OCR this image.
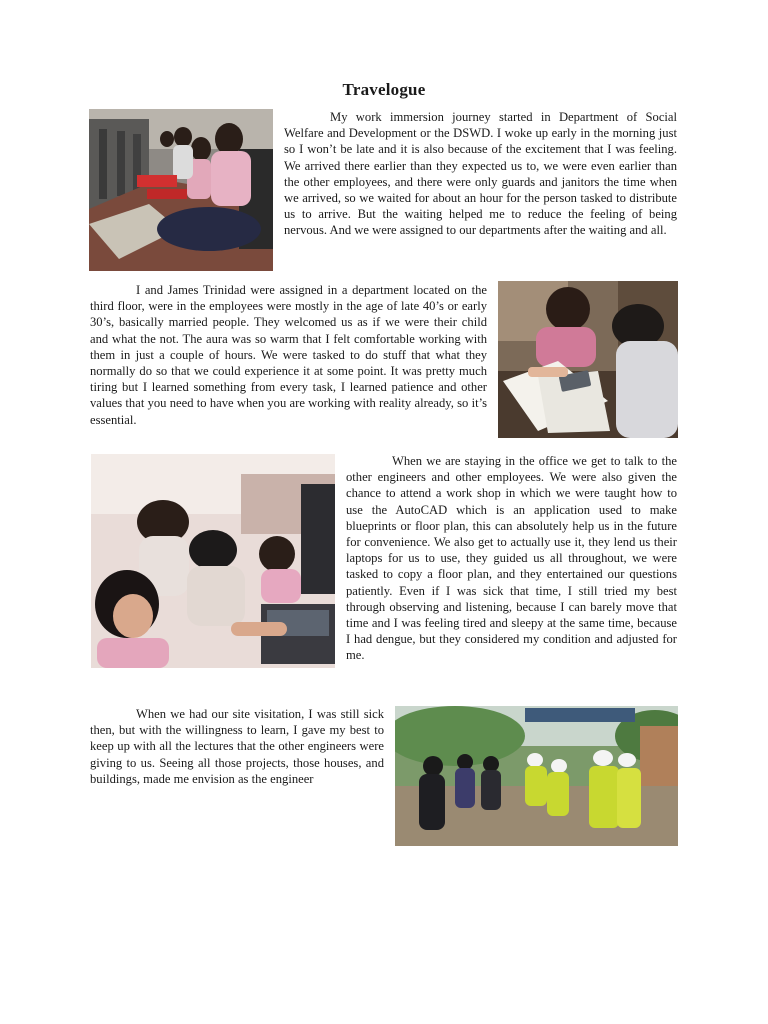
Travelogue

My work immersion journey started in Department of Social Welfare and Development or the DSWD. I woke up early in the morning just so I won’t be late and it is also because of the excitement that I was feeling. We arrived there earlier than they expected us to, we were even earlier than the other employees, and there were only guards and janitors the time when we arrived, so we waited for about an hour for the person tasked to distribute us to arrive. But the waiting helped me to reduce the feeling of being nervous. And we were assigned to our departments after the waiting and all.

I and James Trinidad were assigned in a department located on the third floor, were in the employees were mostly in the age of late 40’s or early 30’s, basically married people. They welcomed us as if we were their child and what the not. The aura was so warm that I felt comfortable working with them in just a couple of hours. We were tasked to do stuff that what they normally do so that we could experience it at some point. It was pretty much tiring but I learned something from every task, I learned patience and other values that you need to have when you are working with reality already, so it’s essential.

When we are staying in the office we get to talk to the other engineers and other employees. We were also given the chance to attend a work shop in which we were taught how to use the AutoCAD which is an application used to make blueprints or floor plan, this can absolutely help us in the future for convenience. We also get to actually use it, they lend us their laptops for us to use, they guided us all throughout, we were tasked to copy a floor plan, and they entertained our questions patiently. Even if I was sick that time, I still tried my best through observing and listening, because I can barely move that time and I was feeling tired and sleepy at the same time, because I had dengue, but they considered my condition and adjusted for me.

When we had our site visitation, I was still sick then, but with the willingness to learn, I gave my best to keep up with all the lectures that the other engineers were giving to us. Seeing all those projects, those houses, and buildings, made me envision as the engineer
